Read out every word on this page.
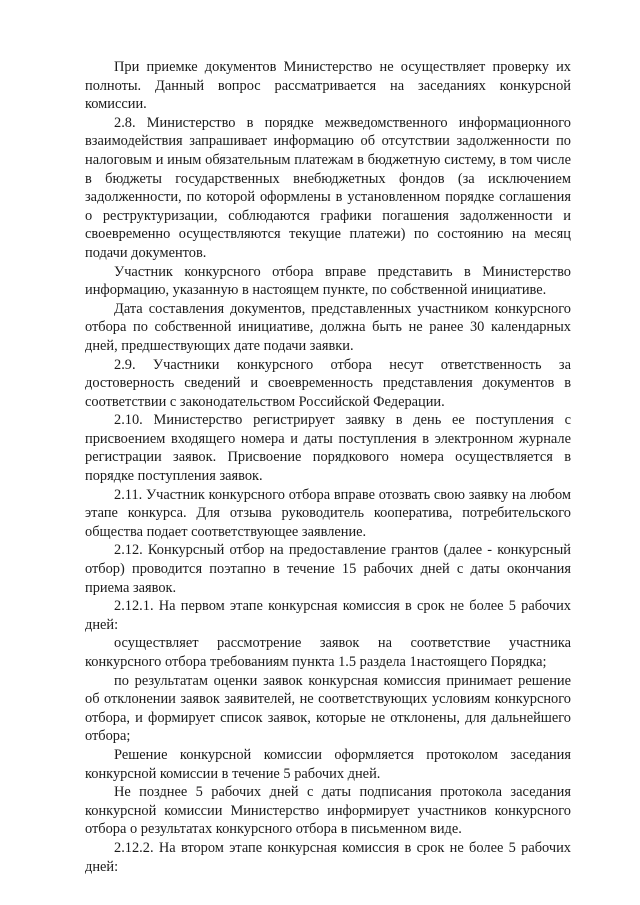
При приемке документов Министерство не осуществляет проверку их полноты. Данный вопрос рассматривается на заседаниях конкурсной комиссии.

2.8. Министерство в порядке межведомственного информационного взаимодействия запрашивает информацию об отсутствии задолженности по налоговым и иным обязательным платежам в бюджетную систему, в том числе в бюджеты государственных внебюджетных фондов (за исключением задолженности, по которой оформлены в установленном порядке соглашения о реструктуризации, соблюдаются графики погашения задолженности и своевременно осуществляются текущие платежи) по состоянию на месяц подачи документов.

Участник конкурсного отбора вправе представить в Министерство информацию, указанную в настоящем пункте, по собственной инициативе.

Дата составления документов, представленных участником конкурсного отбора по собственной инициативе, должна быть не ранее 30 календарных дней, предшествующих дате подачи заявки.

2.9. Участники конкурсного отбора несут ответственность за достоверность сведений и своевременность представления документов в соответствии с законодательством Российской Федерации.

2.10. Министерство регистрирует заявку в день ее поступления с присвоением входящего номера и даты поступления в электронном журнале регистрации заявок. Присвоение порядкового номера осуществляется в порядке поступления заявок.

2.11. Участник конкурсного отбора вправе отозвать свою заявку на любом этапе конкурса. Для отзыва руководитель кооператива, потребительского общества подает соответствующее заявление.

2.12. Конкурсный отбор на предоставление грантов (далее - конкурсный отбор) проводится поэтапно в течение 15 рабочих дней с даты окончания приема заявок.

2.12.1. На первом этапе конкурсная комиссия в срок не более 5 рабочих дней:

осуществляет рассмотрение заявок на соответствие участника конкурсного отбора требованиям пункта 1.5 раздела 1настоящего Порядка;

по результатам оценки заявок конкурсная комиссия принимает решение об отклонении заявок заявителей, не соответствующих условиям конкурсного отбора, и формирует список заявок, которые не отклонены, для дальнейшего отбора;

Решение конкурсной комиссии оформляется протоколом заседания конкурсной комиссии в течение 5 рабочих дней.

Не позднее 5 рабочих дней с даты подписания протокола заседания конкурсной комиссии Министерство информирует участников конкурсного отбора о результатах конкурсного отбора в письменном виде.

2.12.2. На втором этапе конкурсная комиссия в срок не более 5 рабочих дней:
